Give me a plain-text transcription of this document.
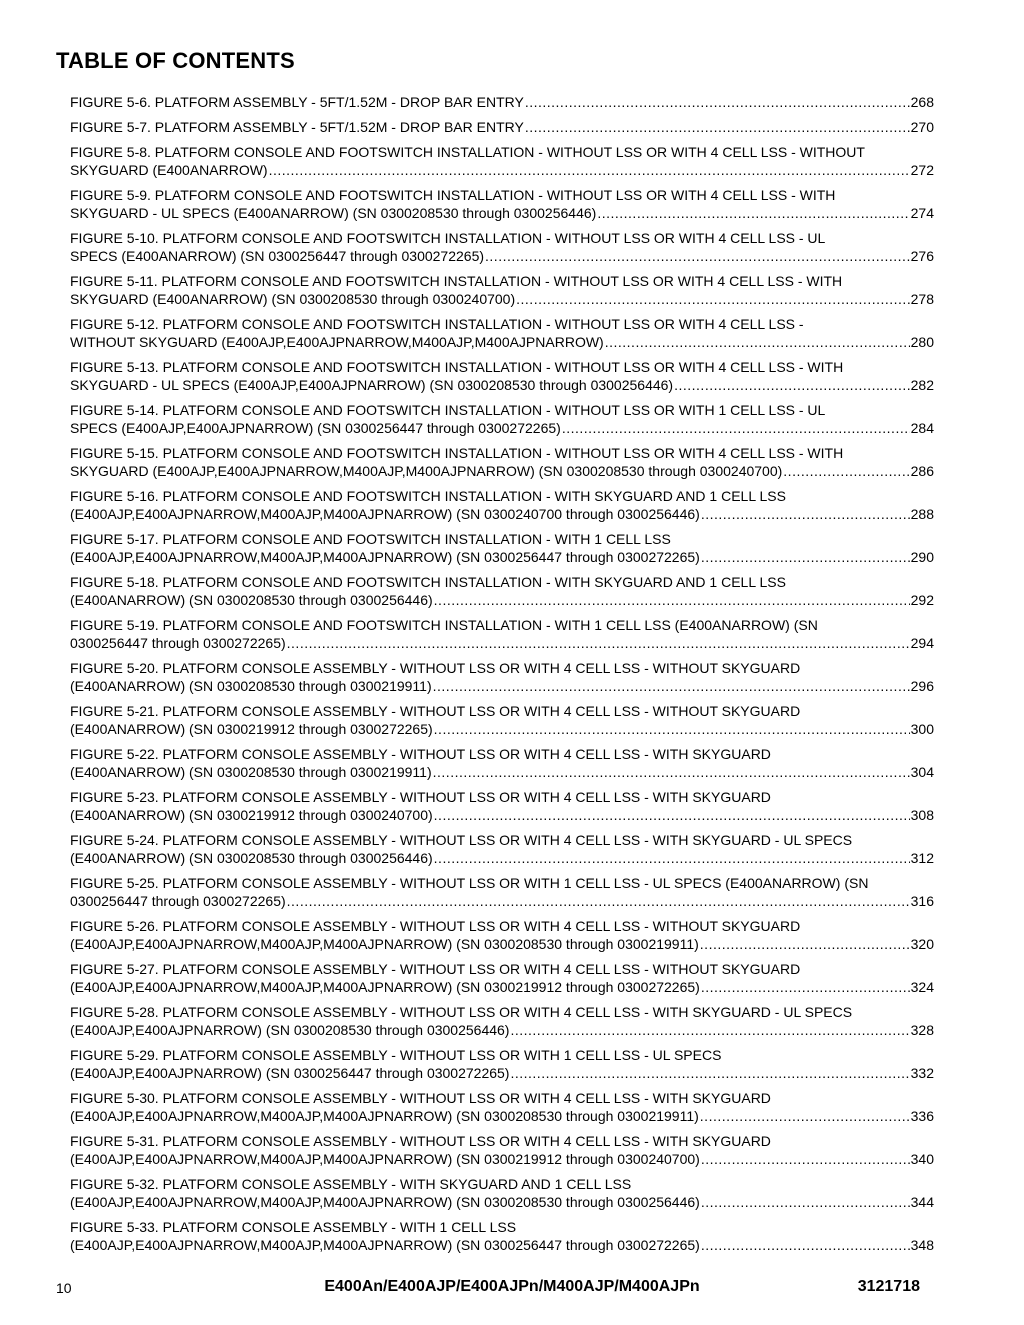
TABLE OF CONTENTS
FIGURE 5-6. PLATFORM ASSEMBLY - 5FT/1.52M - DROP BAR ENTRY .....	268
FIGURE 5-7. PLATFORM ASSEMBLY - 5FT/1.52M - DROP BAR ENTRY .....	270
FIGURE 5-8. PLATFORM CONSOLE AND FOOTSWITCH INSTALLATION - WITHOUT LSS OR WITH 4 CELL LSS - WITHOUT
SKYGUARD (E400ANARROW) .....	272
FIGURE 5-9. PLATFORM CONSOLE AND FOOTSWITCH INSTALLATION - WITHOUT LSS OR WITH 4 CELL LSS - WITH
SKYGUARD - UL SPECS (E400ANARROW) (SN 0300208530 through 0300256446) .....	274
FIGURE 5-10. PLATFORM CONSOLE AND FOOTSWITCH INSTALLATION - WITHOUT LSS OR WITH 4 CELL LSS - UL
SPECS (E400ANARROW) (SN 0300256447 through 0300272265) .....	276
FIGURE 5-11. PLATFORM CONSOLE AND FOOTSWITCH INSTALLATION - WITHOUT LSS OR WITH 4 CELL LSS - WITH
SKYGUARD (E400ANARROW) (SN 0300208530 through 0300240700) .....	278
FIGURE 5-12. PLATFORM CONSOLE AND FOOTSWITCH INSTALLATION - WITHOUT LSS OR WITH 4 CELL LSS -
WITHOUT SKYGUARD (E400AJP,E400AJPNARROW,M400AJP,M400AJPNARROW) .....	280
FIGURE 5-13. PLATFORM CONSOLE AND FOOTSWITCH INSTALLATION - WITHOUT LSS OR WITH 4 CELL LSS - WITH
SKYGUARD - UL SPECS (E400AJP,E400AJPNARROW) (SN 0300208530 through 0300256446) .....	282
FIGURE 5-14. PLATFORM CONSOLE AND FOOTSWITCH INSTALLATION - WITHOUT LSS OR WITH 1 CELL LSS - UL
SPECS (E400AJP,E400AJPNARROW) (SN 0300256447 through 0300272265) .....	284
FIGURE 5-15. PLATFORM CONSOLE AND FOOTSWITCH INSTALLATION - WITHOUT LSS OR WITH 4 CELL LSS - WITH
SKYGUARD (E400AJP,E400AJPNARROW,M400AJP,M400AJPNARROW) (SN 0300208530 through 0300240700) .....	286
FIGURE 5-16. PLATFORM CONSOLE AND FOOTSWITCH INSTALLATION - WITH SKYGUARD AND 1 CELL LSS
(E400AJP,E400AJPNARROW,M400AJP,M400AJPNARROW) (SN 0300240700 through 0300256446) .....	288
FIGURE 5-17. PLATFORM CONSOLE AND FOOTSWITCH INSTALLATION - WITH 1 CELL LSS
(E400AJP,E400AJPNARROW,M400AJP,M400AJPNARROW) (SN 0300256447 through 0300272265) .....	290
FIGURE 5-18. PLATFORM CONSOLE AND FOOTSWITCH INSTALLATION - WITH SKYGUARD AND 1 CELL LSS
(E400ANARROW) (SN 0300208530 through 0300256446) .....	292
FIGURE 5-19. PLATFORM CONSOLE AND FOOTSWITCH INSTALLATION - WITH 1 CELL LSS (E400ANARROW) (SN
0300256447 through 0300272265) .....	294
FIGURE 5-20. PLATFORM CONSOLE ASSEMBLY - WITHOUT LSS OR WITH 4 CELL LSS - WITHOUT SKYGUARD
(E400ANARROW) (SN 0300208530 through 0300219911) .....	296
FIGURE 5-21. PLATFORM CONSOLE ASSEMBLY - WITHOUT LSS OR WITH 4 CELL LSS - WITHOUT SKYGUARD
(E400ANARROW) (SN 0300219912 through 0300272265) .....	300
FIGURE 5-22. PLATFORM CONSOLE ASSEMBLY - WITHOUT LSS OR WITH 4 CELL LSS - WITH SKYGUARD
(E400ANARROW) (SN 0300208530 through 0300219911) .....	304
FIGURE 5-23. PLATFORM CONSOLE ASSEMBLY - WITHOUT LSS OR WITH 4 CELL LSS - WITH SKYGUARD
(E400ANARROW) (SN 0300219912 through 0300240700) .....	308
FIGURE 5-24. PLATFORM CONSOLE ASSEMBLY - WITHOUT LSS OR WITH 4 CELL LSS - WITH SKYGUARD - UL SPECS
(E400ANARROW) (SN 0300208530 through 0300256446) .....	312
FIGURE 5-25. PLATFORM CONSOLE ASSEMBLY - WITHOUT LSS OR WITH 1 CELL LSS - UL SPECS (E400ANARROW) (SN
0300256447 through 0300272265) .....	316
FIGURE 5-26. PLATFORM CONSOLE ASSEMBLY - WITHOUT LSS OR WITH 4 CELL LSS - WITHOUT SKYGUARD
(E400AJP,E400AJPNARROW,M400AJP,M400AJPNARROW) (SN 0300208530 through 0300219911) .....	320
FIGURE 5-27. PLATFORM CONSOLE ASSEMBLY - WITHOUT LSS OR WITH 4 CELL LSS - WITHOUT SKYGUARD
(E400AJP,E400AJPNARROW,M400AJP,M400AJPNARROW) (SN 0300219912 through 0300272265) .....	324
FIGURE 5-28. PLATFORM CONSOLE ASSEMBLY - WITHOUT LSS OR WITH 4 CELL LSS - WITH SKYGUARD - UL SPECS
(E400AJP,E400AJPNARROW) (SN 0300208530 through 0300256446) .....	328
FIGURE 5-29. PLATFORM CONSOLE ASSEMBLY - WITHOUT LSS OR WITH 1 CELL LSS - UL SPECS
(E400AJP,E400AJPNARROW) (SN 0300256447 through 0300272265) .....	332
FIGURE 5-30. PLATFORM CONSOLE ASSEMBLY - WITHOUT LSS OR WITH 4 CELL LSS - WITH SKYGUARD
(E400AJP,E400AJPNARROW,M400AJP,M400AJPNARROW) (SN 0300208530 through 0300219911) .....	336
FIGURE 5-31. PLATFORM CONSOLE ASSEMBLY - WITHOUT LSS OR WITH 4 CELL LSS - WITH SKYGUARD
(E400AJP,E400AJPNARROW,M400AJP,M400AJPNARROW) (SN 0300219912 through 0300240700) .....	340
FIGURE 5-32. PLATFORM CONSOLE ASSEMBLY - WITH SKYGUARD AND 1 CELL LSS
(E400AJP,E400AJPNARROW,M400AJP,M400AJPNARROW) (SN 0300208530 through 0300256446) .....	344
FIGURE 5-33. PLATFORM CONSOLE ASSEMBLY - WITH 1 CELL LSS
(E400AJP,E400AJPNARROW,M400AJP,M400AJPNARROW) (SN 0300256447 through 0300272265) .....	348
10	E400An/E400AJP/E400AJPn/M400AJP/M400AJPn	3121718
